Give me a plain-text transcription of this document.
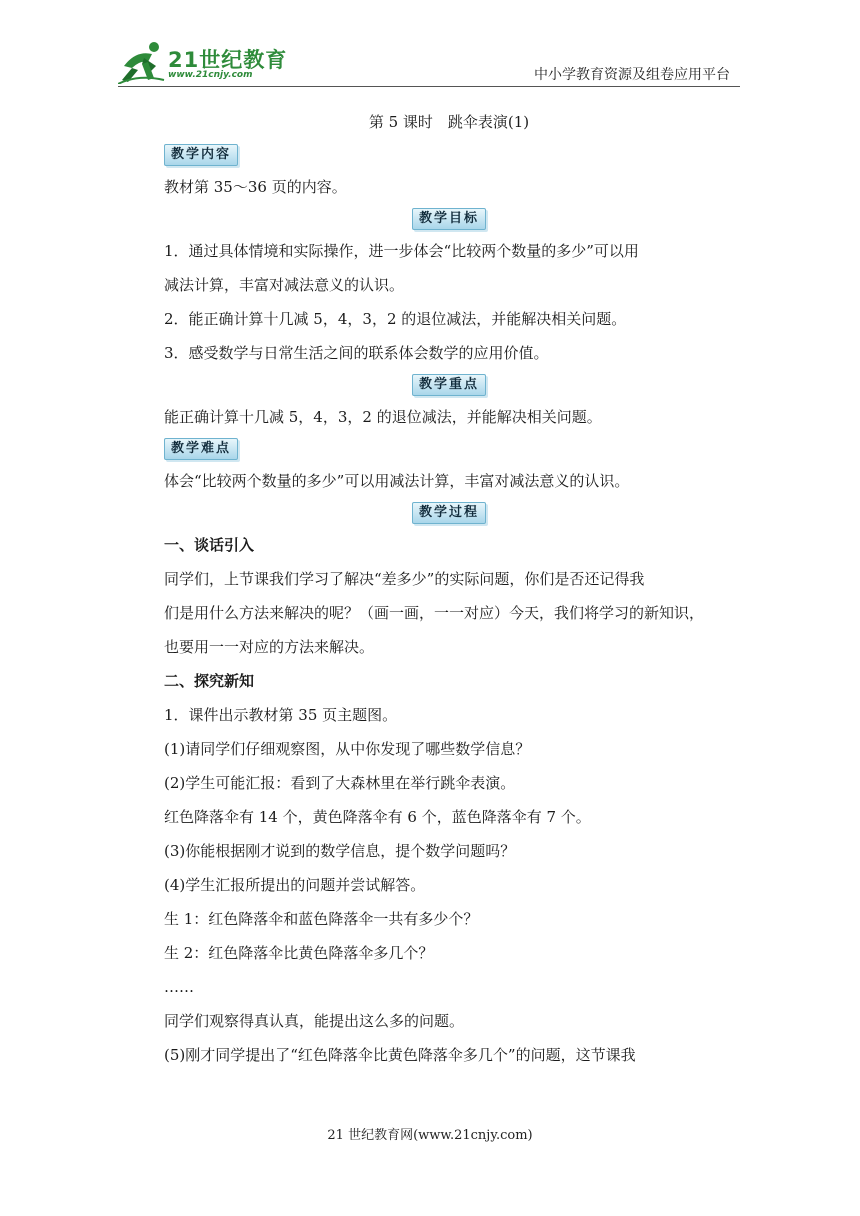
21世纪教育
www.21cnjy.com	中小学教育资源及组卷应用平台
第 5 课时　跳伞表演(1)
教学内容

教材第 35～36 页的内容。

教学目标

1．通过具体情境和实际操作，进一步体会“比较两个数量的多少”可以用

减法计算，丰富对减法意义的认识。

2．能正确计算十几减 5，4，3，2 的退位减法，并能解决相关问题。

3．感受数学与日常生活之间的联系体会数学的应用价值。

教学重点

能正确计算十几减 5，4，3，2 的退位减法，并能解决相关问题。

教学难点

体会“比较两个数量的多少”可以用减法计算，丰富对减法意义的认识。

教学过程

一、谈话引入

同学们，上节课我们学习了解决“差多少”的实际问题，你们是否还记得我

们是用什么方法来解决的呢？（画一画，一一对应）今天，我们将学习的新知识，

也要用一一对应的方法来解决。

二、探究新知

1．课件出示教材第 35 页主题图。

(1)请同学们仔细观察图，从中你发现了哪些数学信息？

(2)学生可能汇报：看到了大森林里在举行跳伞表演。

红色降落伞有 14 个，黄色降落伞有 6 个，蓝色降落伞有 7 个。

(3)你能根据刚才说到的数学信息，提个数学问题吗？

(4)学生汇报所提出的问题并尝试解答。

生 1：红色降落伞和蓝色降落伞一共有多少个？

生 2：红色降落伞比黄色降落伞多几个？

……

同学们观察得真认真，能提出这么多的问题。

(5)刚才同学提出了“红色降落伞比黄色降落伞多几个”的问题，这节课我

21 世纪教育网(www.21cnjy.com)
